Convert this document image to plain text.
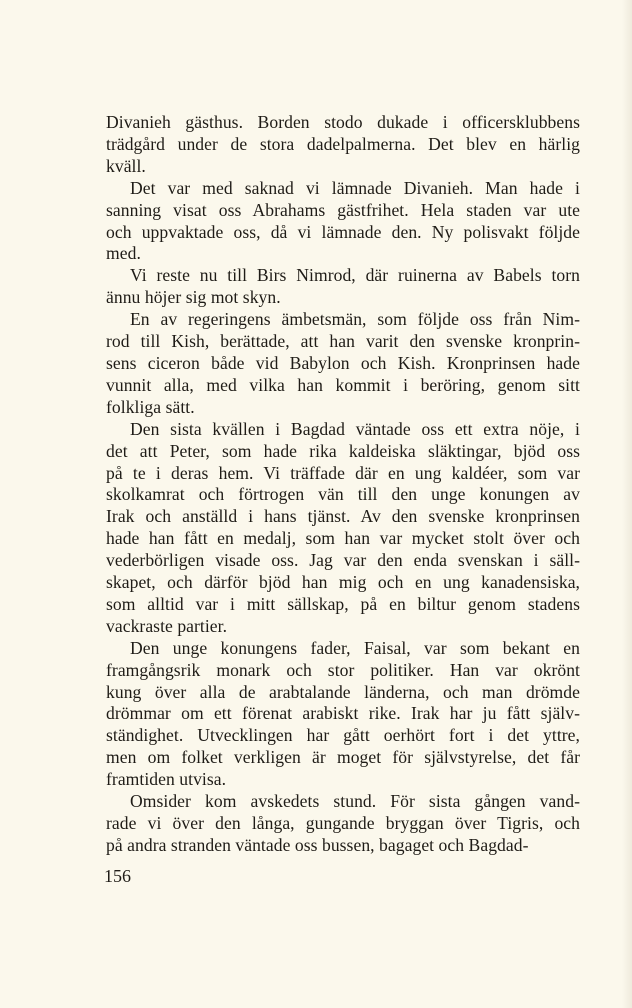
Divanieh gästhus. Borden stodo dukade i officersklubbens
trädgård under de stora dadelpalmerna. Det blev en härlig
kväll.
Det var med saknad vi lämnade Divanieh. Man hade i
sanning visat oss Abrahams gästfrihet. Hela staden var ute
och uppvaktade oss, då vi lämnade den. Ny polisvakt följde
med.
Vi reste nu till Birs Nimrod, där ruinerna av Babels torn
ännu höjer sig mot skyn.
En av regeringens ämbetsmän, som följde oss från Nim-
rod till Kish, berättade, att han varit den svenske kronprin-
sens ciceron både vid Babylon och Kish. Kronprinsen hade
vunnit alla, med vilka han kommit i beröring, genom sitt
folkliga sätt.
Den sista kvällen i Bagdad väntade oss ett extra nöje, i
det att Peter, som hade rika kaldeiska släktingar, bjöd oss
på te i deras hem. Vi träffade där en ung kaldéer, som var
skolkamrat och förtrogen vän till den unge konungen av
Irak och anställd i hans tjänst. Av den svenske kronprinsen
hade han fått en medalj, som han var mycket stolt över och
vederbörligen visade oss. Jag var den enda svenskan i säll-
skapet, och därför bjöd han mig och en ung kanadensiska,
som alltid var i mitt sällskap, på en biltur genom stadens
vackraste partier.
Den unge konungens fader, Faisal, var som bekant en
framgångsrik monark och stor politiker. Han var okrönt
kung över alla de arabtalande länderna, och man drömde
drömmar om ett förenat arabiskt rike. Irak har ju fått själv-
ständighet. Utvecklingen har gått oerhört fort i det yttre,
men om folket verkligen är moget för självstyrelse, det får
framtiden utvisa.
Omsider kom avskedets stund. För sista gången vand-
rade vi över den långa, gungande bryggan över Tigris, och
på andra stranden väntade oss bussen, bagaget och Bagdad-
156
